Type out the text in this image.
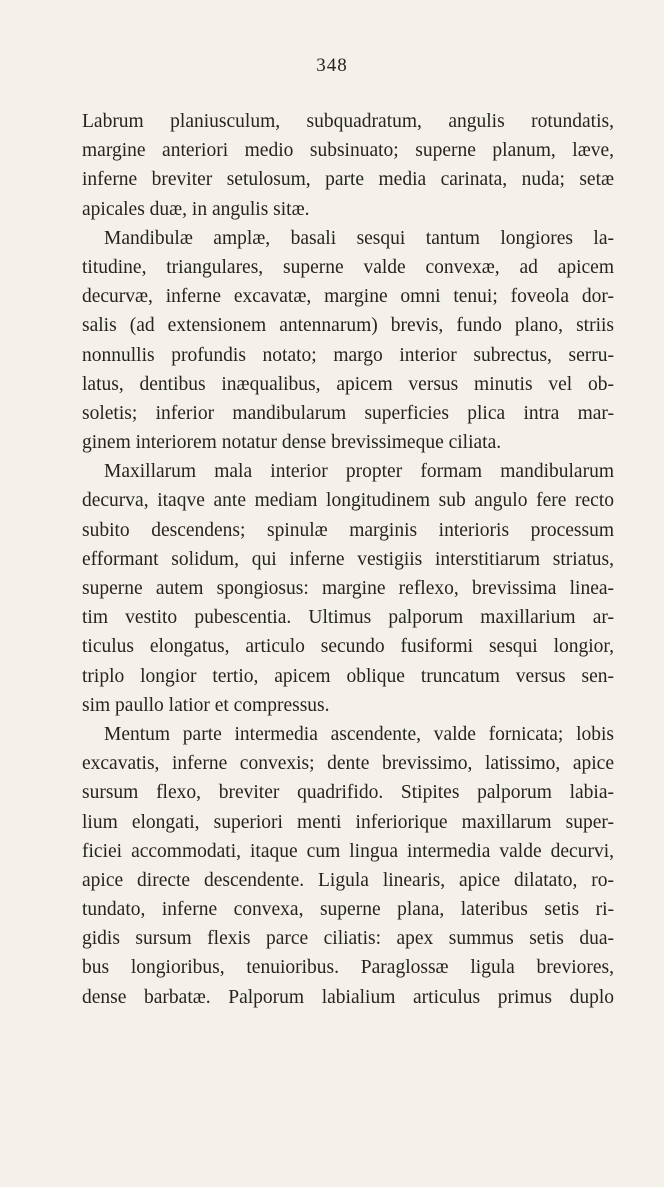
348
Labrum planiusculum, subquadratum, angulis rotundatis,
margine anteriori medio subsinuato; superne planum, læve,
inferne breviter setulosum, parte media carinata, nuda; setæ
apicales duæ, in angulis sitæ.
Mandibulæ amplæ, basali sesqui tantum longiores la-
titudine, triangulares, superne valde convexæ, ad apicem
decurvæ, inferne excavatæ, margine omni tenui; foveola dor-
salis (ad extensionem antennarum) brevis, fundo plano, striis
nonnullis profundis notato; margo interior subrectus, serru-
latus, dentibus inæqualibus, apicem versus minutis vel ob-
soletis; inferior mandibularum superficies plica intra mar-
ginem interiorem notatur dense brevissimeque ciliata.
Maxillarum mala interior propter formam mandibularum
decurva, itaqve ante mediam longitudinem sub angulo fere recto
subito descendens; spinulæ marginis interioris processum
efformant solidum, qui inferne vestigiis interstitiarum striatus,
superne autem spongiosus: margine reflexo, brevissima linea-
tim vestito pubescentia. Ultimus palporum maxillarium ar-
ticulus elongatus, articulo secundo fusiformi sesqui longior,
triplo longior tertio, apicem oblique truncatum versus sen-
sim paullo latior et compressus.
Mentum parte intermedia ascendente, valde fornicata; lobis
excavatis, inferne convexis; dente brevissimo, latissimo, apice
sursum flexo, breviter quadrifido. Stipites palporum labia-
lium elongati, superiori menti inferiorique maxillarum super-
ficiei accommodati, itaque cum lingua intermedia valde decurvi,
apice directe descendente. Ligula linearis, apice dilatato, ro-
tundato, inferne convexa, superne plana, lateribus setis ri-
gidis sursum flexis parce ciliatis: apex summus setis dua-
bus longioribus, tenuioribus. Paraglossæ ligula breviores,
dense barbatæ. Palporum labialium articulus primus duplo
